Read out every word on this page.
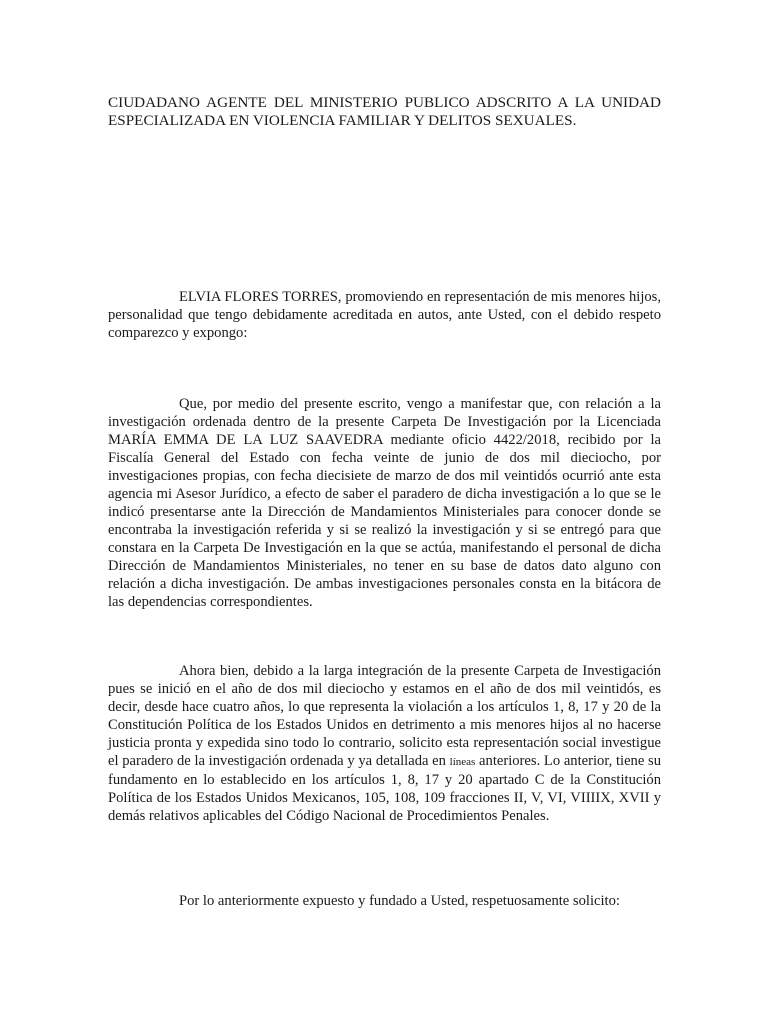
CIUDADANO AGENTE DEL MINISTERIO PUBLICO ADSCRITO A LA UNIDAD
ESPECIALIZADA EN VIOLENCIA FAMILIAR Y DELITOS SEXUALES.

ELVIA FLORES TORRES, promoviendo en representación de mis menores hijos, personalidad que tengo debidamente acreditada en autos, ante Usted, con el debido respeto comparezco y expongo:

Que, por medio del presente escrito, vengo a manifestar que, con relación a la investigación ordenada dentro de la presente Carpeta De Investigación por la Licenciada MARÍA EMMA DE LA LUZ SAAVEDRA mediante oficio 4422/2018, recibido por la Fiscalía General del Estado con fecha veinte de junio de dos mil dieciocho, por investigaciones propias, con fecha diecisiete de marzo de dos mil veintidós ocurrió ante esta agencia mi Asesor Jurídico, a efecto de saber el paradero de dicha investigación a lo que se le indicó presentarse ante la Dirección de Mandamientos Ministeriales para conocer donde se encontraba la investigación referida y si se realizó la investigación y si se entregó para que constara en la Carpeta De Investigación en la que se actúa, manifestando el personal de dicha Dirección de Mandamientos Ministeriales, no tener en su base de datos dato alguno con relación a dicha investigación. De ambas investigaciones personales consta en la bitácora de las dependencias correspondientes.

Ahora bien, debido a la larga integración de la presente Carpeta de Investigación pues se inició en el año de dos mil dieciocho y estamos en el año de dos mil veintidós, es decir, desde hace cuatro años, lo que representa la violación a los artículos 1, 8, 17 y 20 de la Constitución Política de los Estados Unidos en detrimento a mis menores hijos al no hacerse justicia pronta y expedida sino todo lo contrario, solicito esta representación social investigue el paradero de la investigación ordenada y ya detallada en líneas anteriores. Lo anterior, tiene su fundamento en lo establecido en los artículos 1, 8, 17 y 20 apartado C de la Constitución Política de los Estados Unidos Mexicanos, 105, 108, 109 fracciones II, V, VI, VIIIIX, XVII y demás relativos aplicables del Código Nacional de Procedimientos Penales.

Por lo anteriormente expuesto y fundado a Usted, respetuosamente solicito:
